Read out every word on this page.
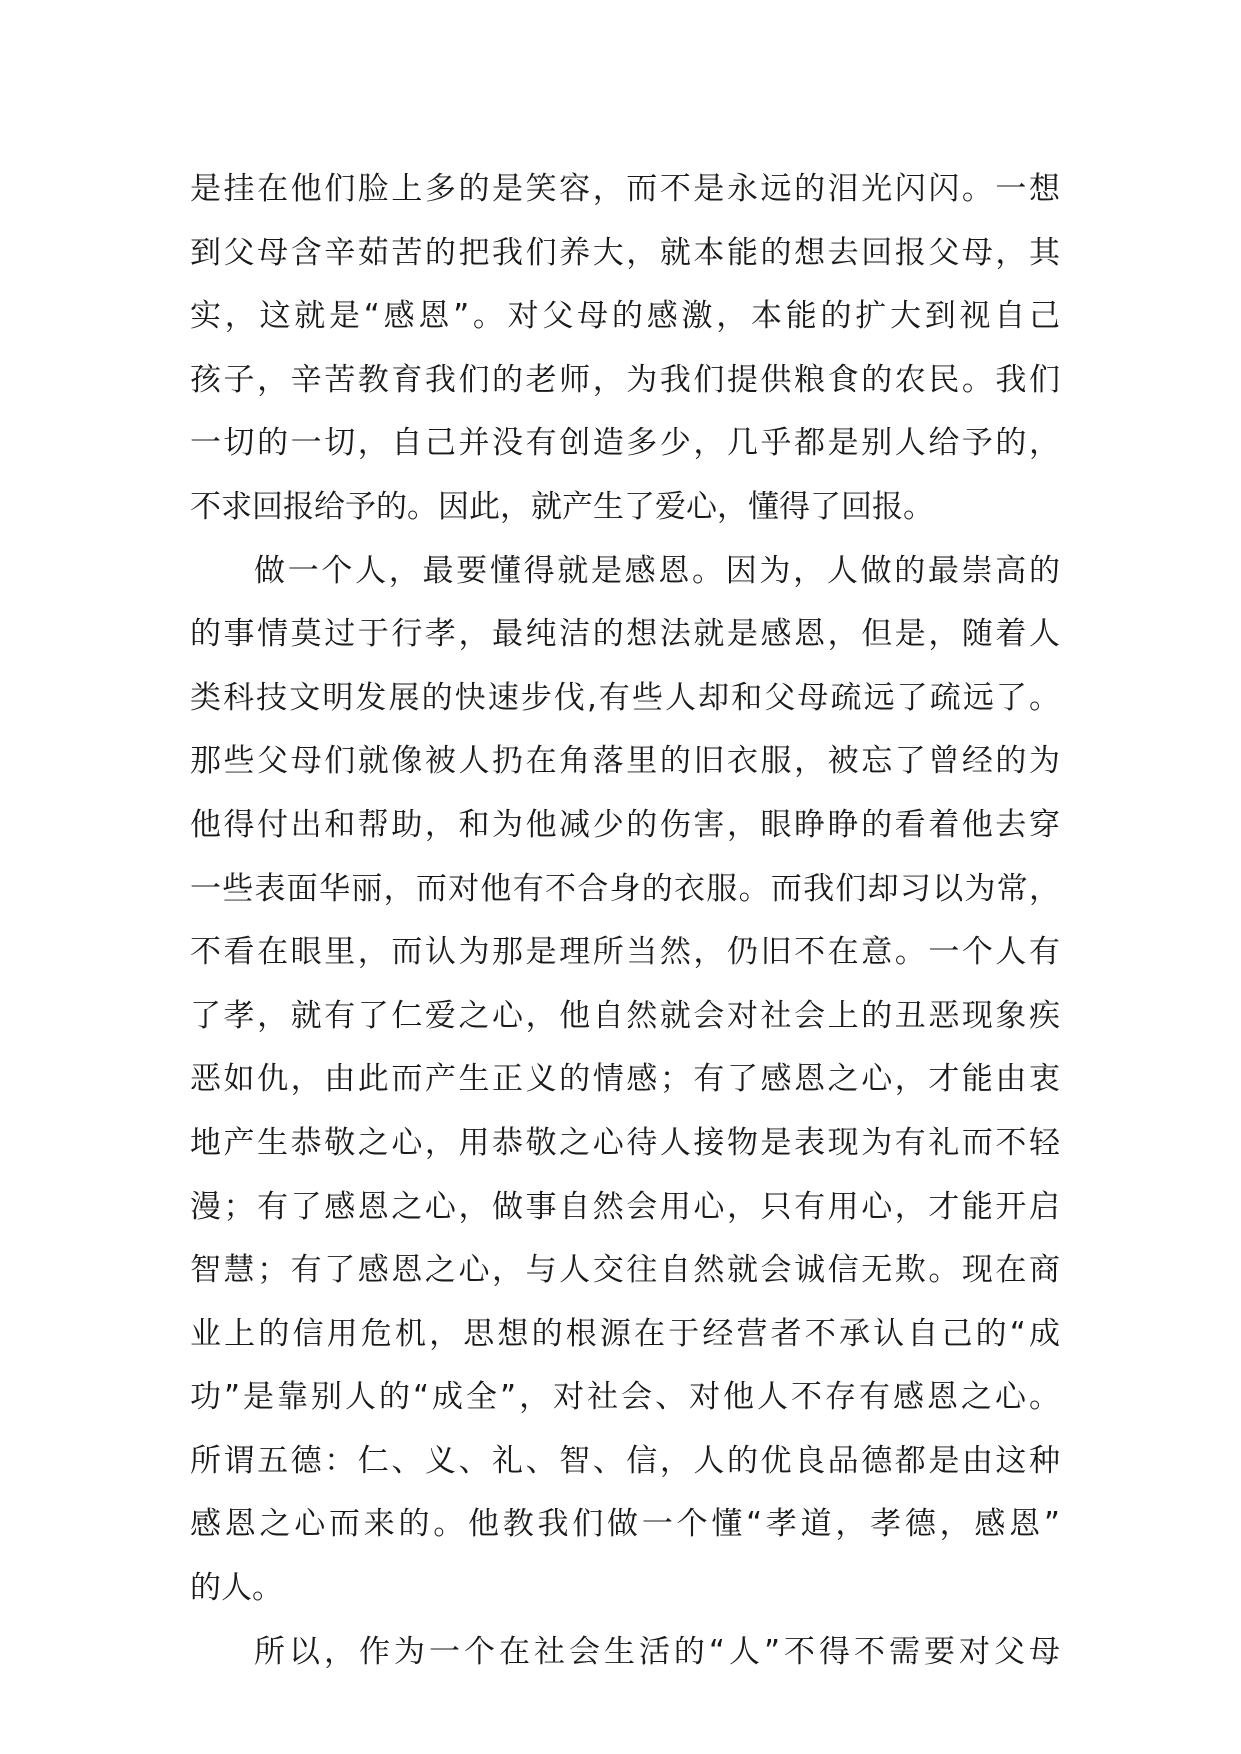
是挂在他们脸上多的是笑容，而不是永远的泪光闪闪。一想
到父母含辛茹苦的把我们养大，就本能的想去回报父母，其
实，这就是“感恩”。对父母的感激，本能的扩大到视自己
孩子，辛苦教育我们的老师，为我们提供粮食的农民。我们
一切的一切，自己并没有创造多少，几乎都是别人给予的，
不求回报给予的。因此，就产生了爱心，懂得了回报。
做一个人，最要懂得就是感恩。因为，人做的最崇高的
的事情莫过于行孝，最纯洁的想法就是感恩，但是，随着人
类科技文明发展的快速步伐,有些人却和父母疏远了疏远了。
那些父母们就像被人扔在角落里的旧衣服，被忘了曾经的为
他得付出和帮助，和为他减少的伤害，眼睁睁的看着他去穿
一些表面华丽，而对他有不合身的衣服。而我们却习以为常，
不看在眼里，而认为那是理所当然，仍旧不在意。一个人有
了孝，就有了仁爱之心，他自然就会对社会上的丑恶现象疾
恶如仇，由此而产生正义的情感；有了感恩之心，才能由衷
地产生恭敬之心，用恭敬之心待人接物是表现为有礼而不轻
漫；有了感恩之心，做事自然会用心，只有用心，才能开启
智慧；有了感恩之心，与人交往自然就会诚信无欺。现在商
业上的信用危机，思想的根源在于经营者不承认自己的“成
功”是靠别人的“成全”，对社会、对他人不存有感恩之心。
所谓五德：仁、义、礼、智、信，人的优良品德都是由这种
感恩之心而来的。他教我们做一个懂“孝道，孝德，感恩”
的人。
所以，作为一个在社会生活的“人”不得不需要对父母
